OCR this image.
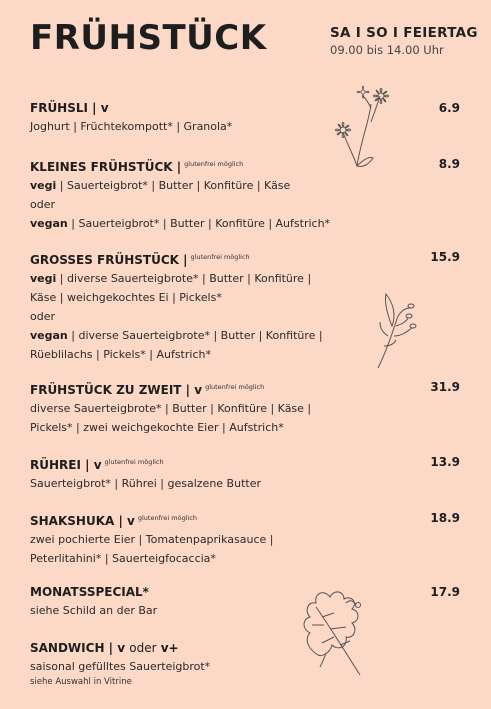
FRÜHSTÜCK	SA I SO I FEIERTAG
09.00 bis 14.00 Uhr
FRÜHSLI | v	6.9
Joghurt | Früchtekompott* | Granola*
KLEINES FRÜHSTÜCK | $^{glutenfrei möglich}$	8.9
vegi | Sauerteigbrot* | Butter | Konfitüre | Käse
oder
vegan | Sauerteigbrot* | Butter | Konfitüre | Aufstrich*
GROSSES FRÜHSTÜCK | $^{glutenfrei möglich}$	15.9
vegi | diverse Sauerteigbrote* | Butter | Konfitüre |
Käse | weichgekochtes Ei | Pickels*
oder
vegan | diverse Sauerteigbrote* | Butter | Konfitüre |
Rüeblilachs | Pickels* | Aufstrich*
FRÜHSTÜCK ZU ZWEIT | v $^{glutenfrei möglich}$	31.9
diverse Sauerteigbrote* | Butter | Konfitüre | Käse |
Pickels* | zwei weichgekochte Eier | Aufstrich*
RÜHREI | v $^{glutenfrei möglich}$	13.9
Sauerteigbrot* | Rührei | gesalzene Butter
SHAKSHUKA | v $^{glutenfrei möglich}$	18.9
zwei pochierte Eier | Tomatenpaprikasauce |
Peterlitahini* | Sauerteigfocaccia*
MONATSSPECIAL*	17.9
siehe Schild an der Bar
SANDWICH | v oder v+
saisonal gefülltes Sauerteigbrot*
siehe Auswahl in Vitrine
